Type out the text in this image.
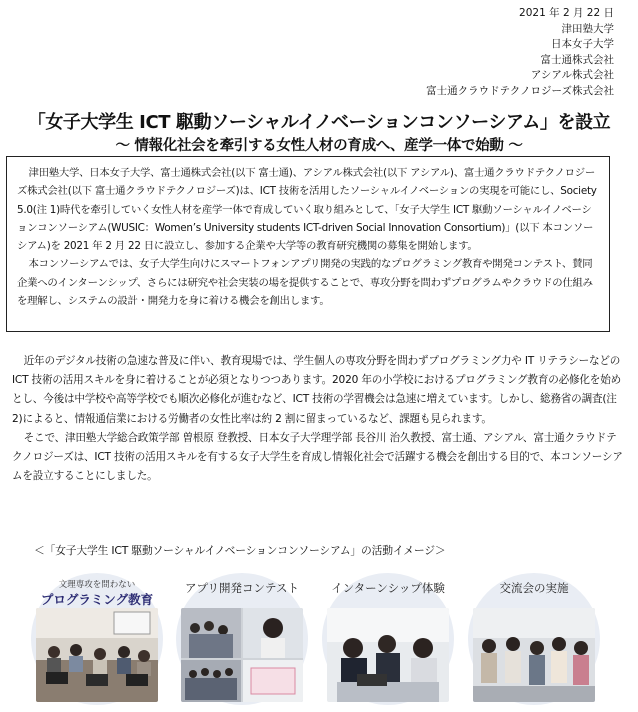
2021 年 2 月 22 日
津田塾大学
日本女子大学
富士通株式会社
アシアル株式会社
富士通クラウドテクノロジーズ株式会社
「女子大学生 ICT 駆動ソーシャルイノベーションコンソーシアム」を設立
～ 情報化社会を牽引する女性人材の育成へ、産学一体で始動 ～

津田塾大学、日本女子大学、富士通株式会社(以下 富士通)、アシアル株式会社(以下 アシアル)、富士通クラウドテクノロジーズ株式会社(以下 富士通クラウドテクノロジーズ)は、ICT 技術を活用したソーシャルイノベーションの実現を可能にし、Society 5.0(注 1)時代を牽引していく女性人材を産学一体で育成していく取り組みとして、「女子大学生 ICT 駆動ソーシャルイノベーションコンソーシアム(WUSIC：Women’s University students ICT-driven Social Innovation Consortium)」(以下 本コンソーシアム)を 2021 年 2 月 22 日に設立し、参加する企業や大学等の教育研究機関の募集を開始します。

本コンソーシアムでは、女子大学生向けにスマートフォンアプリ開発の実践的なプログラミング教育や開発コンテスト、賛同企業へのインターンシップ、さらには研究や社会実装の場を提供することで、専攻分野を問わずプログラムやクラウドの仕組みを理解し、システムの設計・開発力を身に着ける機会を創出します。

近年のデジタル技術の急速な普及に伴い、教育現場では、学生個人の専攻分野を問わずプログラミング力や IT リテラシーなどの ICT 技術の活用スキルを身に着けることが必須となりつつあります。2020 年の小学校におけるプログラミング教育の必修化を始めとし、今後は中学校や高等学校でも順次必修化が進むなど、ICT 技術の学習機会は急速に増えています。しかし、総務省の調査(注 2)によると、情報通信業における労働者の女性比率は約 2 割に留まっているなど、課題も見られます。

そこで、津田塾大学総合政策学部 曽根原 登教授、日本女子大学理学部 長谷川 治久教授、富士通、アシアル、富士通クラウドテクノロジーズは、ICT 技術の活用スキルを有する女子大学生を育成し情報化社会で活躍する機会を創出する目的で、本コンソーシアムを設立することにしました。

＜「女子大学生 ICT 駆動ソーシャルイノベーションコンソーシアム」の活動イメージ＞
文理専攻を問わない
プログラミング教育
アプリ開発コンテスト	インターンシップ体験	交流会の実施
